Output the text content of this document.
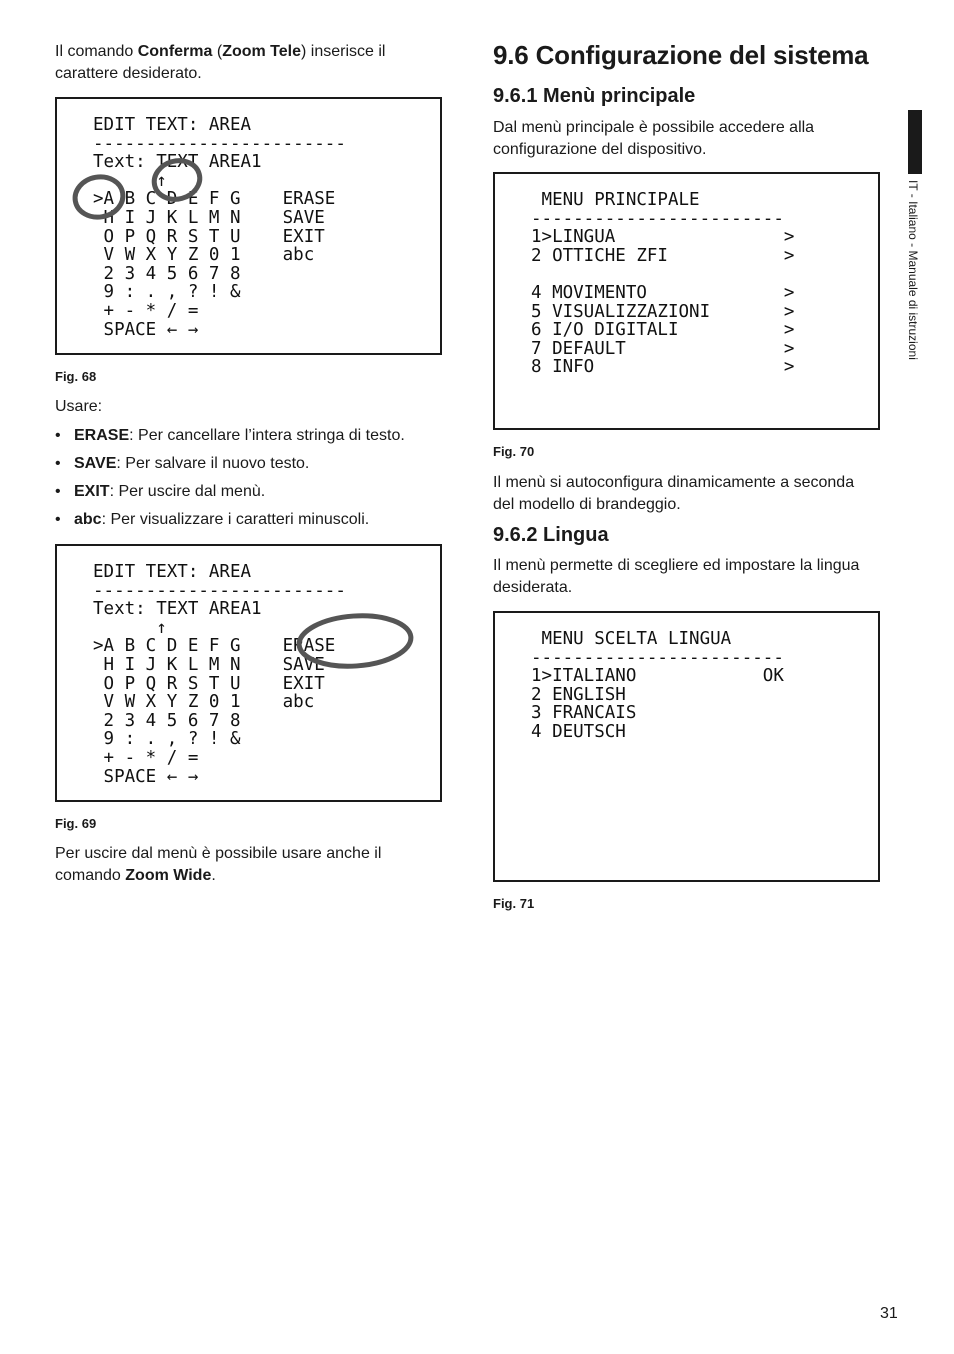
Il comando Conferma (Zoom Tele) inserisce il
carattere desiderato.

EDIT TEXT: AREA
------------------------
Text: TEXT AREA1
↑
>A B C D E F G    ERASE
H I J K L M N    SAVE
O P Q R S T U    EXIT
V W X Y Z 0 1    abc
2 3 4 5 6 7 8
9 : . , ? ! &
+ - * / =
SPACE ← →
Fig. 68

Usare:

• ERASE: Per cancellare l’intera stringa di testo.
• SAVE: Per salvare il nuovo testo.
• EXIT: Per uscire dal menù.
• abc: Per visualizzare i caratteri minuscoli.
EDIT TEXT: AREA
------------------------
Text: TEXT AREA1
↑
>A B C D E F G    ERASE
H I J K L M N    SAVE
O P Q R S T U    EXIT
V W X Y Z 0 1    abc
2 3 4 5 6 7 8
9 : . , ? ! &
+ - * / =
SPACE ← →
Fig. 69

Per uscire dal menù è possibile usare anche il
comando Zoom Wide.

9.6 Configurazione del sistema
9.6.1 Menù principale

Dal menù principale è possibile accedere alla
configurazione del dispositivo.

MENU PRINCIPALE
------------------------
1>LINGUA                >
2 OTTICHE ZFI           >

4 MOVIMENTO             >
5 VISUALIZZAZIONI       >
6 I/O DIGITALI          >
7 DEFAULT               >
8 INFO                  >
Fig. 70

Il menù si autoconfigura dinamicamente a seconda
del modello di brandeggio.

9.6.2 Lingua

Il menù permette di scegliere ed impostare la lingua
desiderata.

MENU SCELTA LINGUA
------------------------
1>ITALIANO            OK
2 ENGLISH
3 FRANCAIS
4 DEUTSCH
Fig. 71
IT - Italiano - Manuale di istruzioni
31
